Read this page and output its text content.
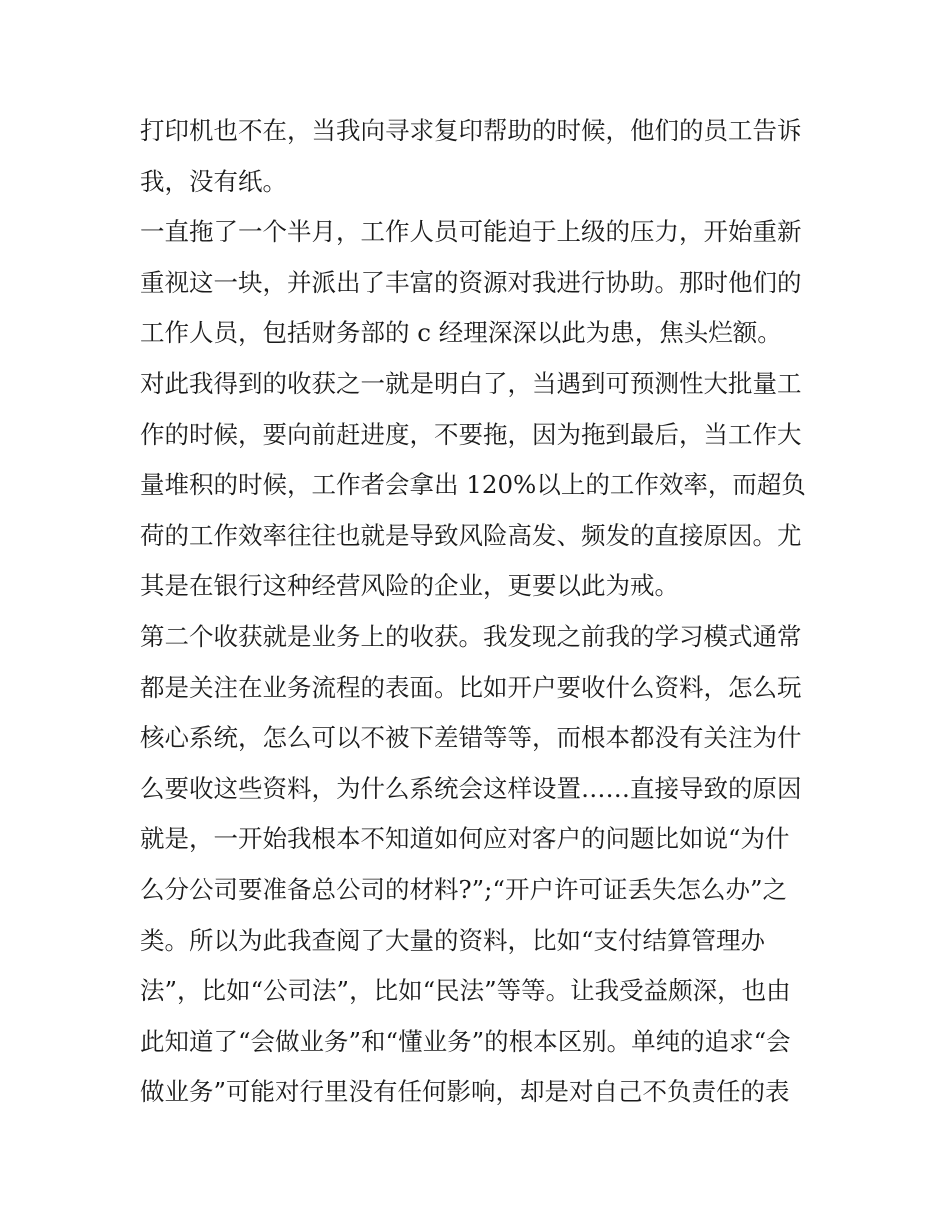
打印机也不在，当我向寻求复印帮助的时候，他们的员工告诉
我，没有纸。
一直拖了一个半月，工作人员可能迫于上级的压力，开始重新
重视这一块，并派出了丰富的资源对我进行协助。那时他们的
工作人员，包括财务部的 c 经理深深以此为患，焦头烂额。
对此我得到的收获之一就是明白了，当遇到可预测性大批量工
作的时候，要向前赶进度，不要拖，因为拖到最后，当工作大
量堆积的时候，工作者会拿出 120%以上的工作效率，而超负
荷的工作效率往往也就是导致风险高发、频发的直接原因。尤
其是在银行这种经营风险的企业，更要以此为戒。
第二个收获就是业务上的收获。我发现之前我的学习模式通常
都是关注在业务流程的表面。比如开户要收什么资料，怎么玩
核心系统，怎么可以不被下差错等等，而根本都没有关注为什
么要收这些资料，为什么系统会这样设置……直接导致的原因
就是，一开始我根本不知道如何应对客户的问题比如说“为什
么分公司要准备总公司的材料?”;“开户许可证丢失怎么办”之
类。所以为此我查阅了大量的资料，比如“支付结算管理办
法”，比如“公司法”，比如“民法”等等。让我受益颇深，也由
此知道了“会做业务”和“懂业务”的根本区别。单纯的追求“会
做业务”可能对行里没有任何影响，却是对自己不负责任的表
